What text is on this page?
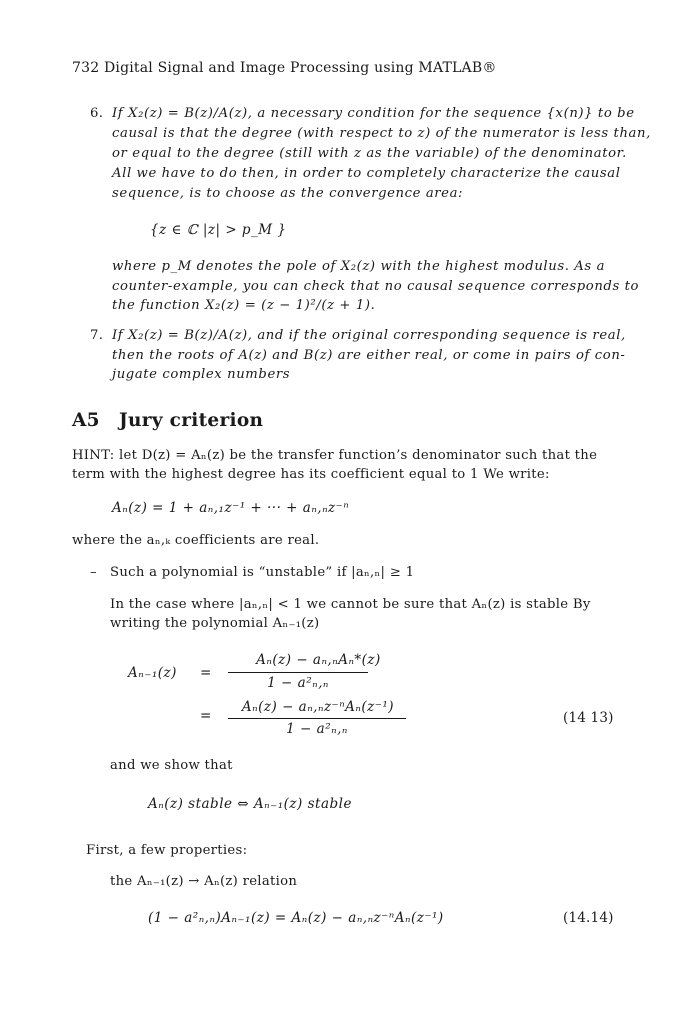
732 Digital Signal and Image Processing using MATLAB®
6. If X₂(z) = B(z)/A(z), a necessary condition for the sequence {x(n)} to be
causal is that the degree (with respect to z) of the numerator is less than,
or equal to the degree (still with z as the variable) of the denominator.
All we have to do then, in order to completely characterize the causal
sequence, is to choose as the convergence area:
{z ∈ ℂ |z| > p_M }
where p_M denotes the pole of X₂(z) with the highest modulus. As a
counter-example, you can check that no causal sequence corresponds to
the function X₂(z) = (z − 1)²/(z + 1).
7. If X₂(z) = B(z)/A(z), and if the original corresponding sequence is real,
then the roots of A(z) and B(z) are either real, or come in pairs of con-
jugate complex numbers
A5 Jury criterion
HINT: let D(z) = Aₙ(z) be the transfer function’s denominator such that the
term with the highest degree has its coefficient equal to 1 We write:
Aₙ(z) = 1 + aₙ,₁z⁻¹ + ··· + aₙ,ₙz⁻ⁿ
where the aₙ,ₖ coefficients are real.
– Such a polynomial is “unstable” if |aₙ,ₙ| ≥ 1
In the case where |aₙ,ₙ| < 1 we cannot be sure that Aₙ(z) is stable By
writing the polynomial Aₙ₋₁(z)
Aₙ₋₁(z) =
Aₙ(z) − aₙ,ₙAₙ*(z)
1 − a²ₙ,ₙ
=
Aₙ(z) − aₙ,ₙz⁻ⁿAₙ(z⁻¹)
1 − a²ₙ,ₙ
(14 13)
and we show that
Aₙ(z) stable ⇔ Aₙ₋₁(z) stable
First, a few properties:
the Aₙ₋₁(z) → Aₙ(z) relation
(1 − a²ₙ,ₙ)Aₙ₋₁(z) = Aₙ(z) − aₙ,ₙz⁻ⁿAₙ(z⁻¹)	(14.14)
